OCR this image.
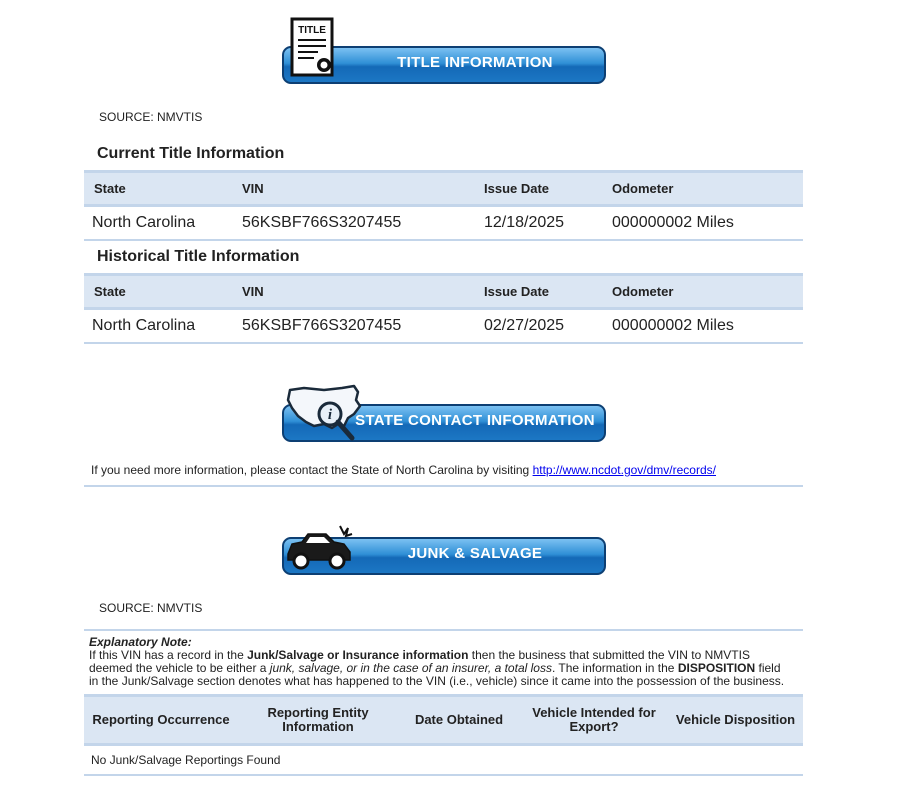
TITLE INFORMATION
TITLE
SOURCE: NMVTIS
Current Title Information
State	VIN	Issue Date	Odometer
North Carolina	56KSBF766S3207455	12/18/2025	000000002 Miles
Historical Title Information
State	VIN	Issue Date	Odometer
North Carolina	56KSBF766S3207455	02/27/2025	000000002 Miles
STATE CONTACT INFORMATION
i
If you need more information, please contact the State of North Carolina by visiting http://www.ncdot.gov/dmv/records/
JUNK & SALVAGE INFORMATION
SOURCE: NMVTIS
Explanatory Note:
If this VIN has a record in the Junk/Salvage or Insurance information then the business that submitted the VIN to NMVTIS deemed the vehicle to be either a junk, salvage, or in the case of an insurer, a total loss. The information in the DISPOSITION field in the Junk/Salvage section denotes what has happened to the VIN (i.e., vehicle) since it came into the possession of the business.
Reporting Occurrence	Reporting Entity Information	Date Obtained	Vehicle Intended for Export?	Vehicle Disposition
No Junk/Salvage Reportings Found
